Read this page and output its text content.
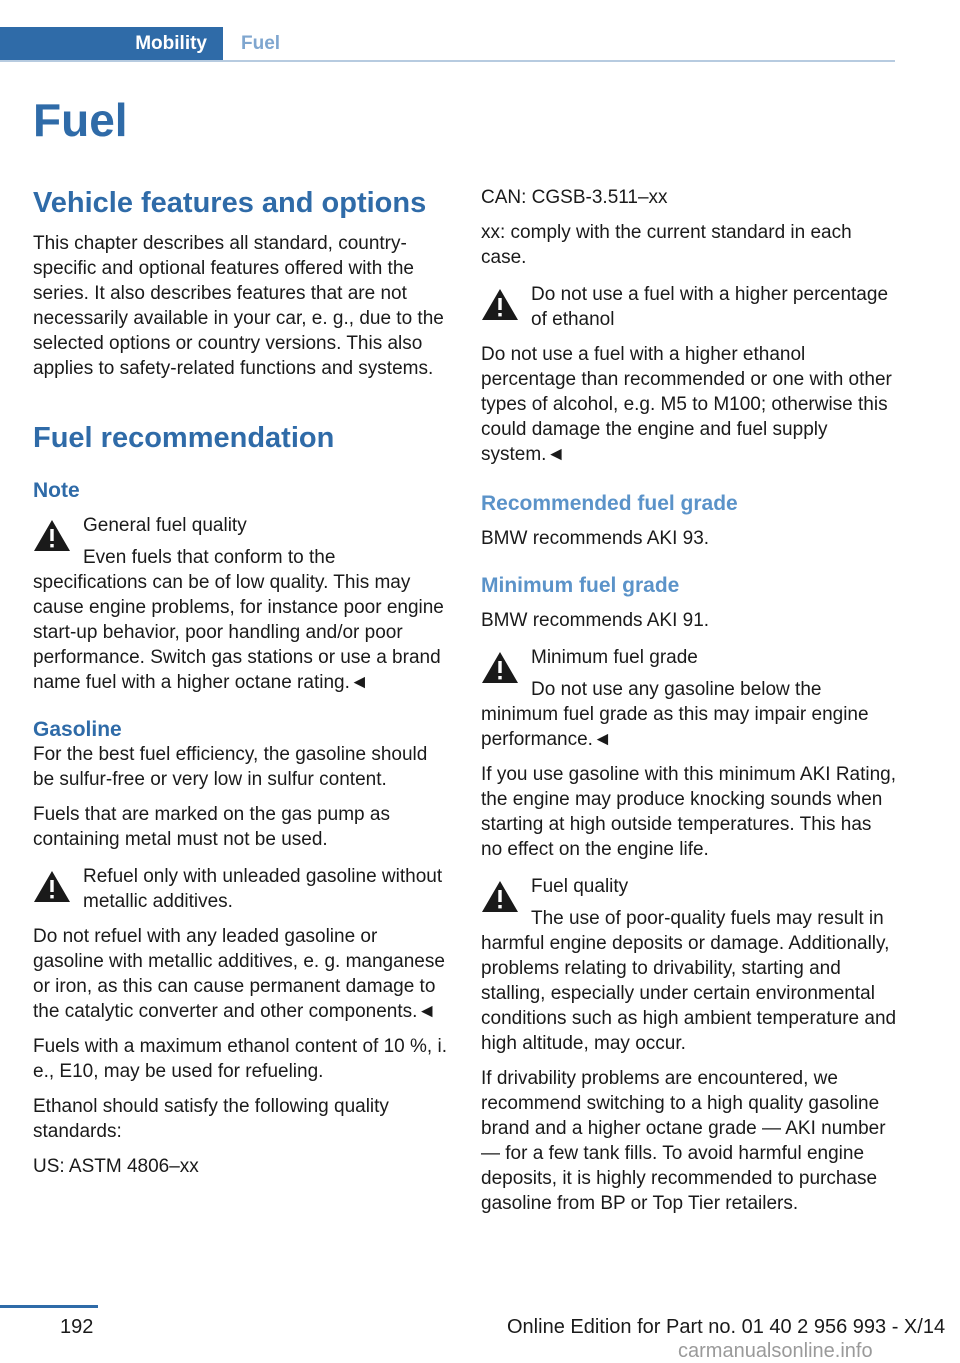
Mobility	Fuel
Fuel
Vehicle features and options

This chapter describes all standard, country-specific and optional features offered with the series. It also describes features that are not necessarily available in your car, e. g., due to the selected options or country versions. This also applies to safety-related functions and systems.

Fuel recommendation
Note
General fuel quality
Even fuels that conform to the specifications can be of low quality. This may cause engine problems, for instance poor engine start-up behavior, poor handling and/or poor performance. Switch gas stations or use a brand name fuel with a higher octane rating.◄
Gasoline

For the best fuel efficiency, the gasoline should be sulfur-free or very low in sulfur content.

Fuels that are marked on the gas pump as containing metal must not be used.

Refuel only with unleaded gasoline without metallic additives.

Do not refuel with any leaded gasoline or gasoline with metallic additives, e. g. manganese or iron, as this can cause permanent damage to the catalytic converter and other components.◄

Fuels with a maximum ethanol content of 10 %, i. e., E10, may be used for refueling.

Ethanol should satisfy the following quality standards:

US: ASTM 4806–xx

CAN: CGSB-3.511–xx

xx: comply with the current standard in each case.

Do not use a fuel with a higher percentage of ethanol

Do not use a fuel with a higher ethanol percentage than recommended or one with other types of alcohol, e.g. M5 to M100; otherwise this could damage the engine and fuel supply system.◄

Recommended fuel grade

BMW recommends AKI 93.

Minimum fuel grade

BMW recommends AKI 91.

Minimum fuel grade
Do not use any gasoline below the minimum fuel grade as this may impair engine performance.◄

If you use gasoline with this minimum AKI Rating, the engine may produce knocking sounds when starting at high outside temperatures. This has no effect on the engine life.

Fuel quality
The use of poor-quality fuels may result in harmful engine deposits or damage. Additionally, problems relating to drivability, starting and stalling, especially under certain environmental conditions such as high ambient temperature and high altitude, may occur.

If drivability problems are encountered, we recommend switching to a high quality gasoline brand and a higher octane grade — AKI number — for a few tank fills. To avoid harmful engine deposits, it is highly recommended to purchase gasoline from BP or Top Tier retailers.

192	Online Edition for Part no. 01 40 2 956 993 - X/14
carmanualsonline.info
